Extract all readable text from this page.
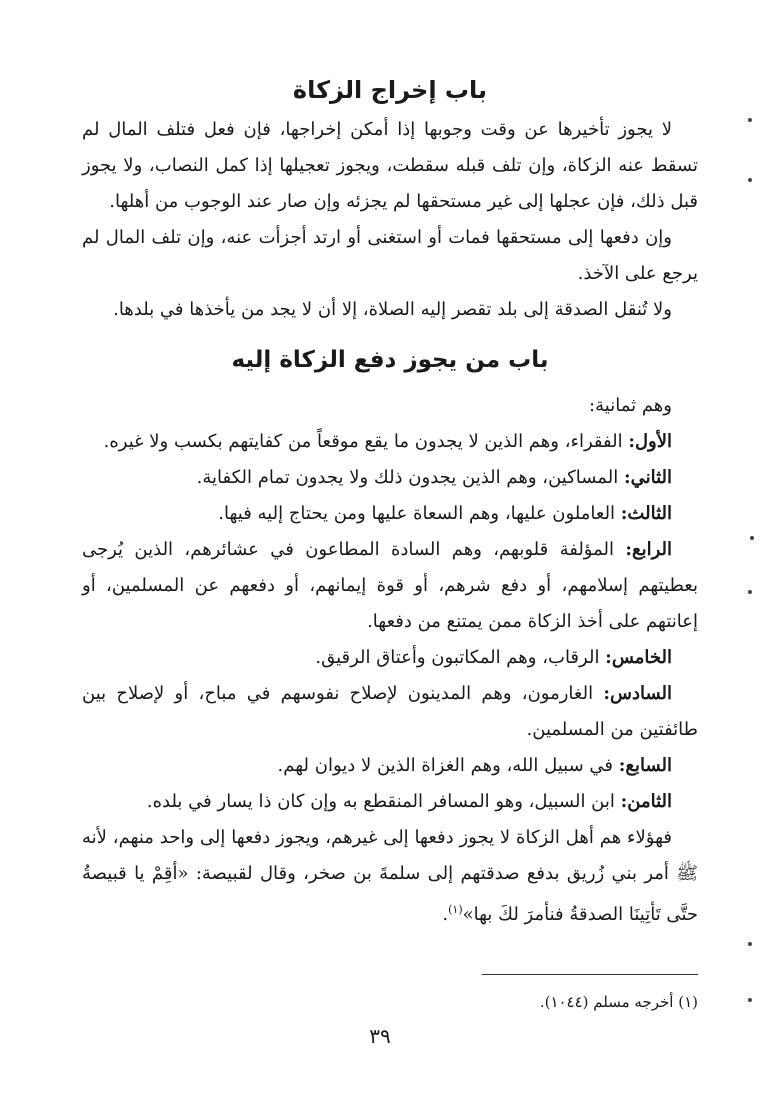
باب إخراج الزكاة

لا يجوز تأخيرها عن وقت وجوبها إذا أمكن إخراجها، فإن فعل فتلف المال لم تسقط عنه الزكاة، وإن تلف قبله سقطت، ويجوز تعجيلها إذا كمل النصاب، ولا يجوز قبل ذلك، فإن عجلها إلى غير مستحقها لم يجزئه وإن صار عند الوجوب من أهلها.

وإن دفعها إلى مستحقها فمات أو استغنى أو ارتد أجزأت عنه، وإن تلف المال لم يرجع على الآخذ.

ولا تُنقل الصدقة إلى بلد تقصر إليه الصلاة، إلا أن لا يجد من يأخذها في بلدها.

باب من يجوز دفع الزكاة إليه

وهم ثمانية:

الأول: الفقراء، وهم الذين لا يجدون ما يقع موقعاً من كفايتهم بكسب ولا غيره.

الثاني: المساكين، وهم الذين يجدون ذلك ولا يجدون تمام الكفاية.

الثالث: العاملون عليها، وهم السعاة عليها ومن يحتاج إليه فيها.

الرابع: المؤلفة قلوبهم، وهم السادة المطاعون في عشائرهم، الذين يُرجى بعطيتهم إسلامهم، أو دفع شرهم، أو قوة إيمانهم، أو دفعهم عن المسلمين، أو إعانتهم على أخذ الزكاة ممن يمتنع من دفعها.

الخامس: الرقاب، وهم المكاتبون وأعتاق الرقيق.

السادس: الغارمون، وهم المدينون لإصلاح نفوسهم في مباح، أو لإصلاح بين طائفتين من المسلمين.

السابع: في سبيل الله، وهم الغزاة الذين لا ديوان لهم.

الثامن: ابن السبيل، وهو المسافر المنقطع به وإن كان ذا يسار في بلده.

فهؤلاء هم أهل الزكاة لا يجوز دفعها إلى غيرهم، ويجوز دفعها إلى واحد منهم، لأنه ﷺ أمر بني زُريق بدفع صدقتهم إلى سلمةَ بن صخر، وقال لقبيصة: «أقِمْ يا قبيصةُ حتَّى تَأتِينَا الصدقةُ فنأمرَ لكَ بها»$^{(١)}$.

(١) أخرجه مسلم (١٠٤٤).
٣٩
